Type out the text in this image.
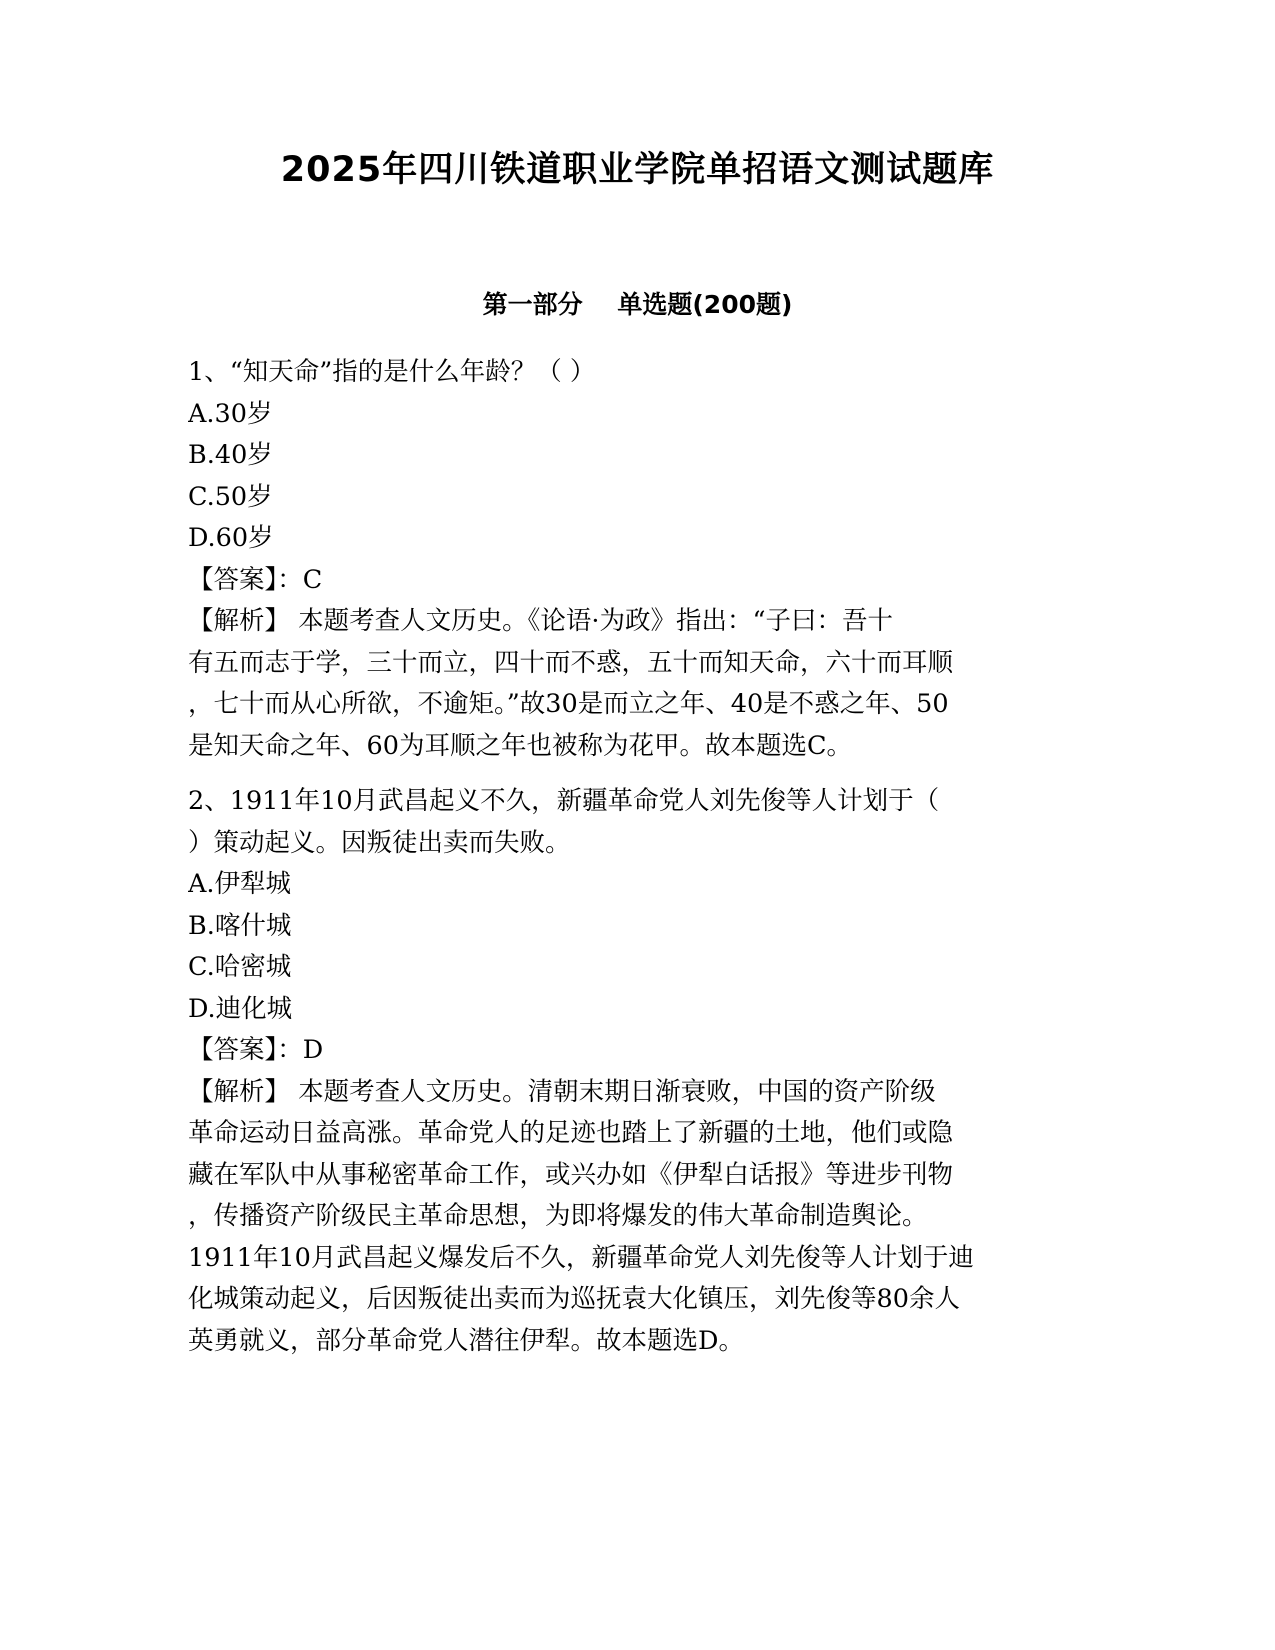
2025年四川铁道职业学院单招语文测试题库
第一部分    单选题(200题)
1、“知天命”指的是什么年龄？（ ）
A.30岁
B.40岁
C.50岁
D.60岁
【答案】：C
【解析】 本题考查人文历史。《论语·为政》指出：“子曰：吾十
有五而志于学，三十而立，四十而不惑，五十而知天命，六十而耳顺
，七十而从心所欲，不逾矩。”故30是而立之年、40是不惑之年、50
是知天命之年、60为耳顺之年也被称为花甲。故本题选C。
2、1911年10月武昌起义不久，新疆革命党人刘先俊等人计划于（
）策动起义。因叛徒出卖而失败。
A.伊犁城
B.喀什城
C.哈密城
D.迪化城
【答案】：D
【解析】 本题考查人文历史。清朝末期日渐衰败，中国的资产阶级
革命运动日益高涨。革命党人的足迹也踏上了新疆的土地，他们或隐
藏在军队中从事秘密革命工作，或兴办如《伊犁白话报》等进步刊物
，传播资产阶级民主革命思想，为即将爆发的伟大革命制造舆论。
1911年10月武昌起义爆发后不久，新疆革命党人刘先俊等人计划于迪
化城策动起义，后因叛徒出卖而为巡抚袁大化镇压，刘先俊等80余人
英勇就义，部分革命党人潜往伊犁。故本题选D。
